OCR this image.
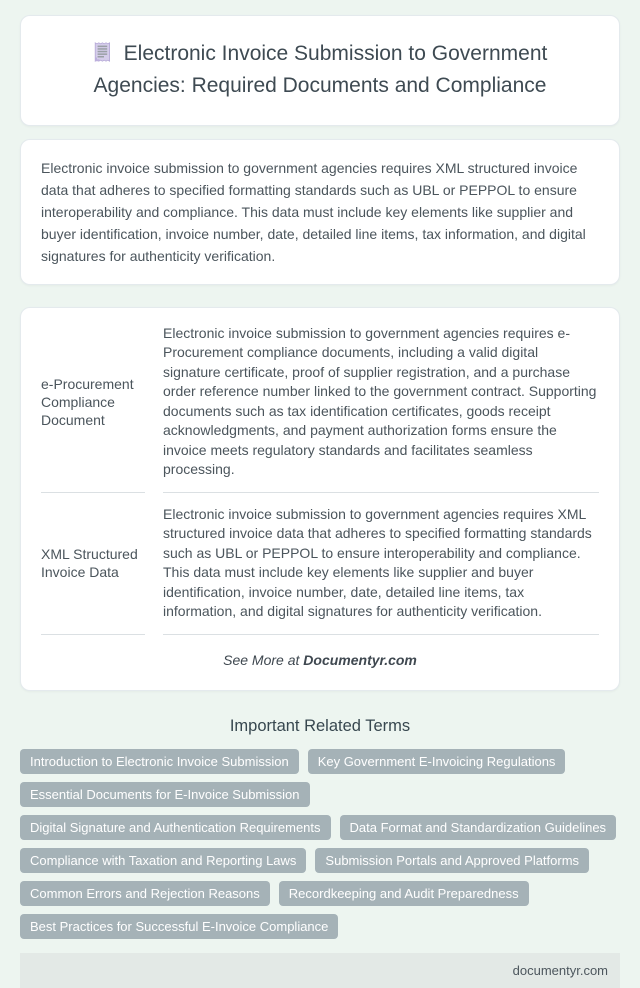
Electronic Invoice Submission to Government Agencies: Required Documents and Compliance

Electronic invoice submission to government agencies requires XML structured invoice data that adheres to specified formatting standards such as UBL or PEPPOL to ensure interoperability and compliance. This data must include key elements like supplier and buyer identification, invoice number, date, detailed line items, tax information, and digital signatures for authenticity verification.

e-Procurement Compliance Document
Electronic invoice submission to government agencies requires e-Procurement compliance documents, including a valid digital signature certificate, proof of supplier registration, and a purchase order reference number linked to the government contract. Supporting documents such as tax identification certificates, goods receipt acknowledgments, and payment authorization forms ensure the invoice meets regulatory standards and facilitates seamless processing.
XML Structured Invoice Data
Electronic invoice submission to government agencies requires XML structured invoice data that adheres to specified formatting standards such as UBL or PEPPOL to ensure interoperability and compliance. This data must include key elements like supplier and buyer identification, invoice number, date, detailed line items, tax information, and digital signatures for authenticity verification.
See More at Documentyr.com
Important Related Terms
Introduction to Electronic Invoice Submission	Key Government E-Invoicing Regulations
Essential Documents for E-Invoice Submission
Digital Signature and Authentication Requirements	Data Format and Standardization Guidelines
Compliance with Taxation and Reporting Laws	Submission Portals and Approved Platforms
Common Errors and Rejection Reasons	Recordkeeping and Audit Preparedness
Best Practices for Successful E-Invoice Compliance
documentyr.com
